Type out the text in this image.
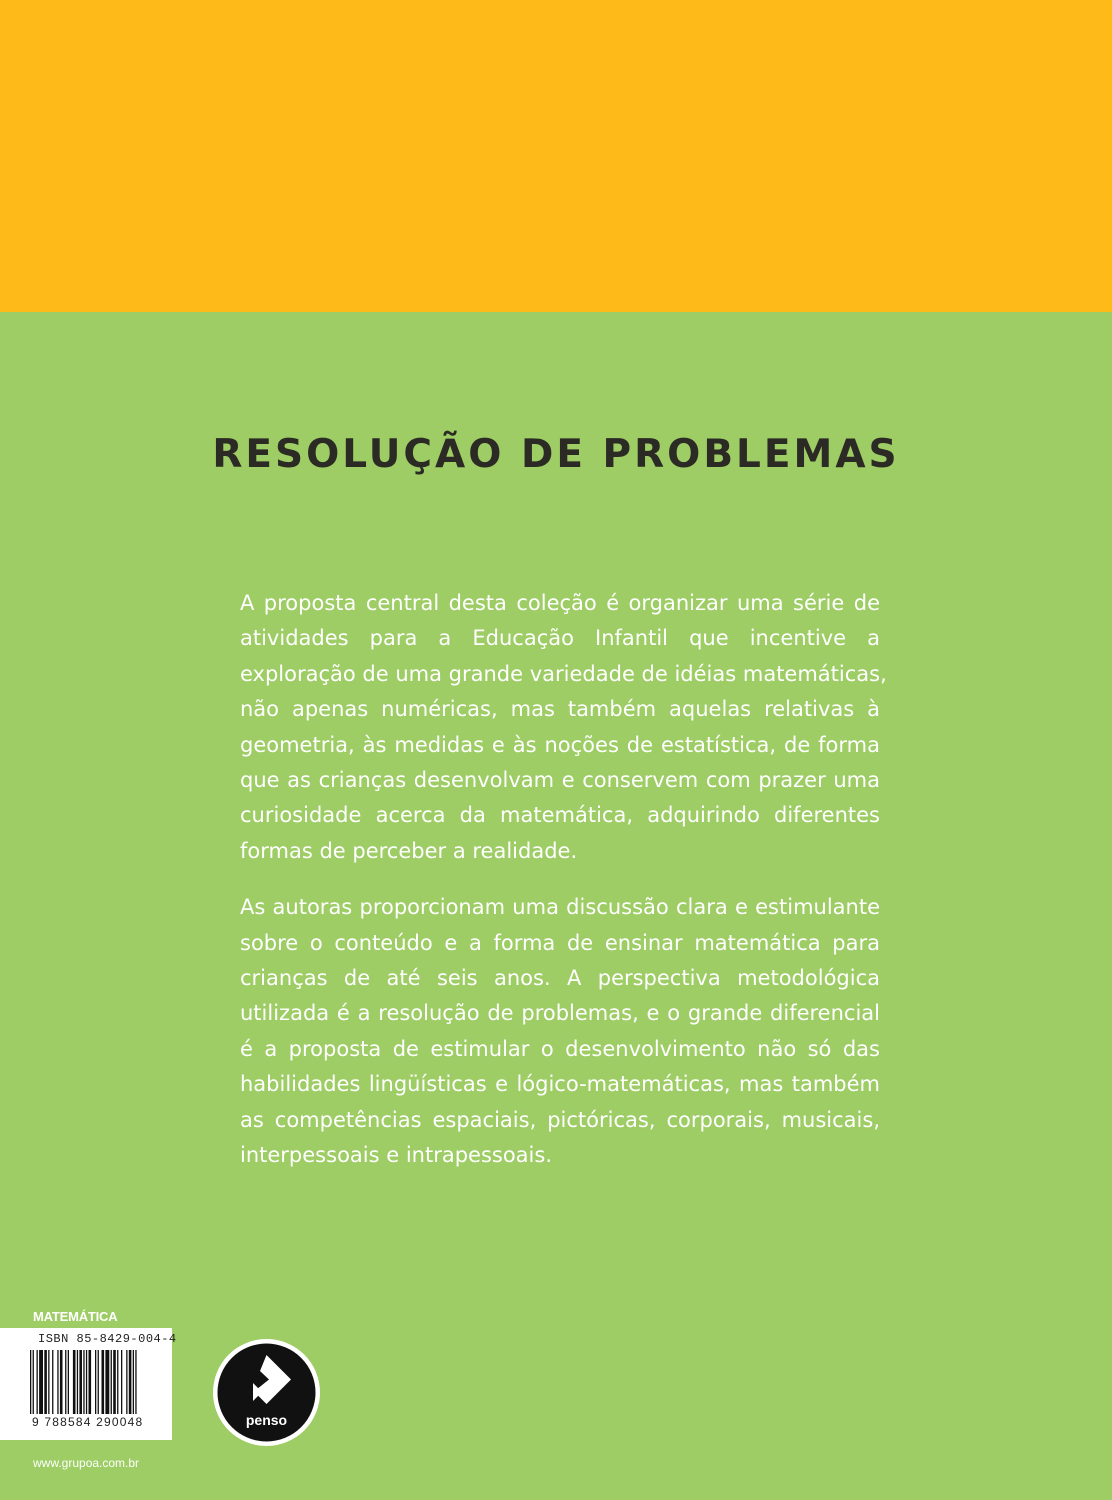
RESOLUÇÃO DE PROBLEMAS

A proposta central desta coleção é organizar uma série de
atividades para a Educação Infantil que incentive a
exploração de uma grande variedade de idéias matemáticas,
não apenas numéricas, mas também aquelas relativas à
geometria, às medidas e às noções de estatística, de forma
que as crianças desenvolvam e conservem com prazer uma
curiosidade acerca da matemática, adquirindo diferentes
formas de perceber a realidade.

As autoras proporcionam uma discussão clara e estimulante
sobre o conteúdo e a forma de ensinar matemática para
crianças de até seis anos. A perspectiva metodológica
utilizada é a resolução de problemas, e o grande diferencial
é a proposta de estimular o desenvolvimento não só das
habilidades lingüísticas e lógico-matemáticas, mas também
as competências espaciais, pictóricas, corporais, musicais,
interpessoais e intrapessoais.

MATEMÁTICA
ISBN 85-8429-004-4
9 788584 290048	penso
www.grupoa.com.br
